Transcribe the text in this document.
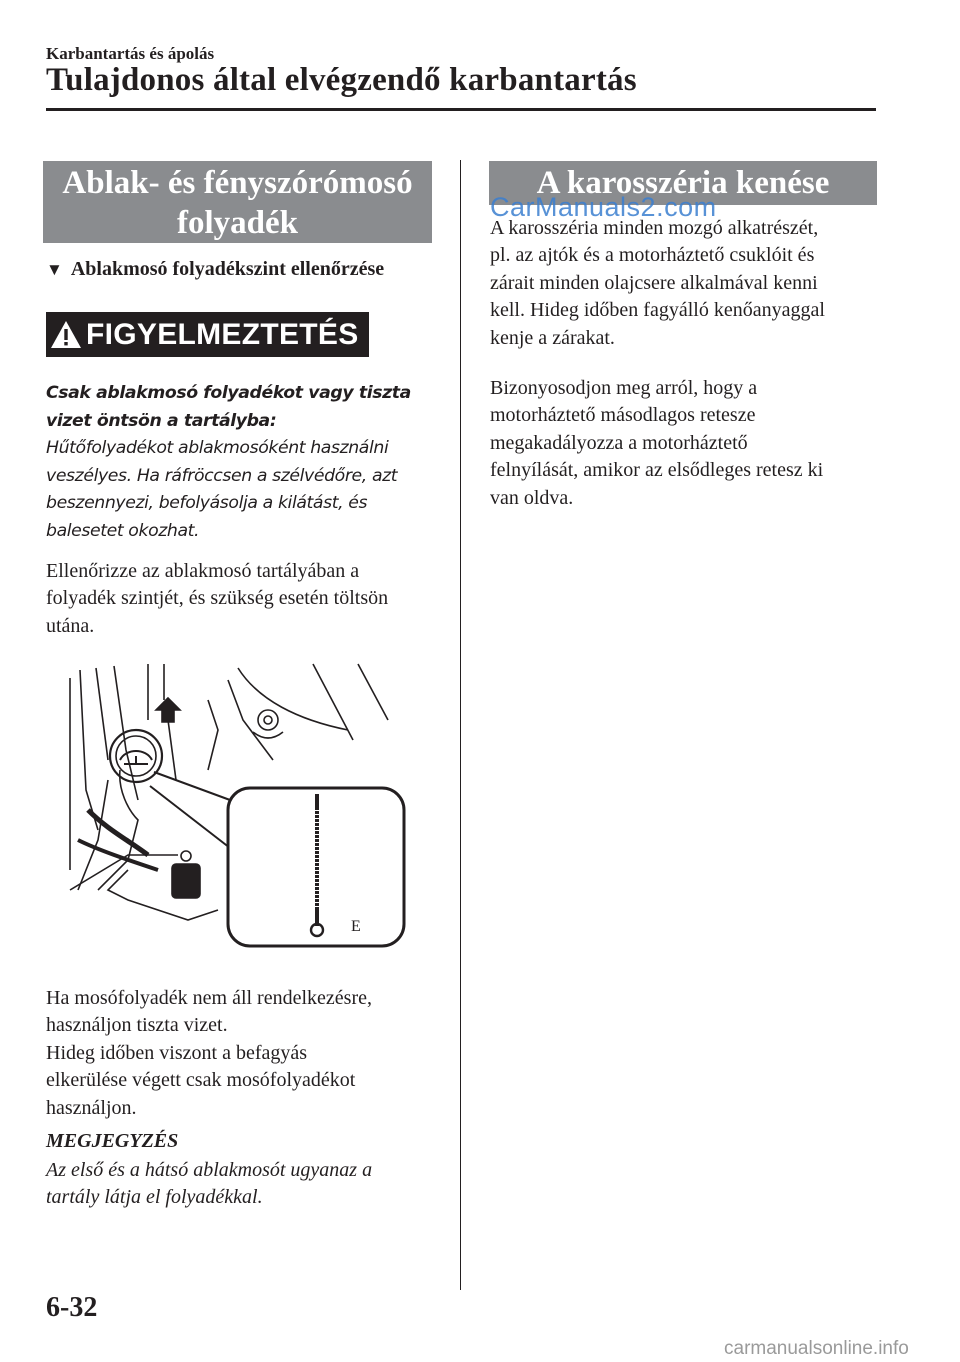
Karbantartás és ápolás
Tulajdonos által elvégzendő karbantartás
Ablak- és fényszórómosó
folyadék
▼ Ablakmosó folyadékszint ellenőrzése
FIGYELMEZTETÉS
Csak ablakmosó folyadékot vagy tiszta
vizet öntsön a tartályba:
Hűtőfolyadékot ablakmosóként használni
veszélyes. Ha ráfröccsen a szélvédőre, azt
beszennyezi, befolyásolja a kilátást, és
balesetet okozhat.
Ellenőrizze az ablakmosó tartályában a
folyadék szintjét, és szükség esetén töltsön
utána.
E
Ha mosófolyadék nem áll rendelkezésre,
használjon tiszta vizet.
Hideg időben viszont a befagyás
elkerülése végett csak mosófolyadékot
használjon.
MEGJEGYZÉS
Az első és a hátsó ablakmosót ugyanaz a
tartály látja el folyadékkal.
A karosszéria kenése
CarManuals2.com
A karosszéria minden mozgó alkatrészét,
pl. az ajtók és a motorháztető csuklóit és
zárait minden olajcsere alkalmával kenni
kell. Hideg időben fagyálló kenőanyaggal
kenje a zárakat.
Bizonyosodjon meg arról, hogy a
motorháztető másodlagos retesze
megakadályozza a motorháztető
felnyílását, amikor az elsődleges retesz ki
van oldva.
6-32
carmanualsonline.info
